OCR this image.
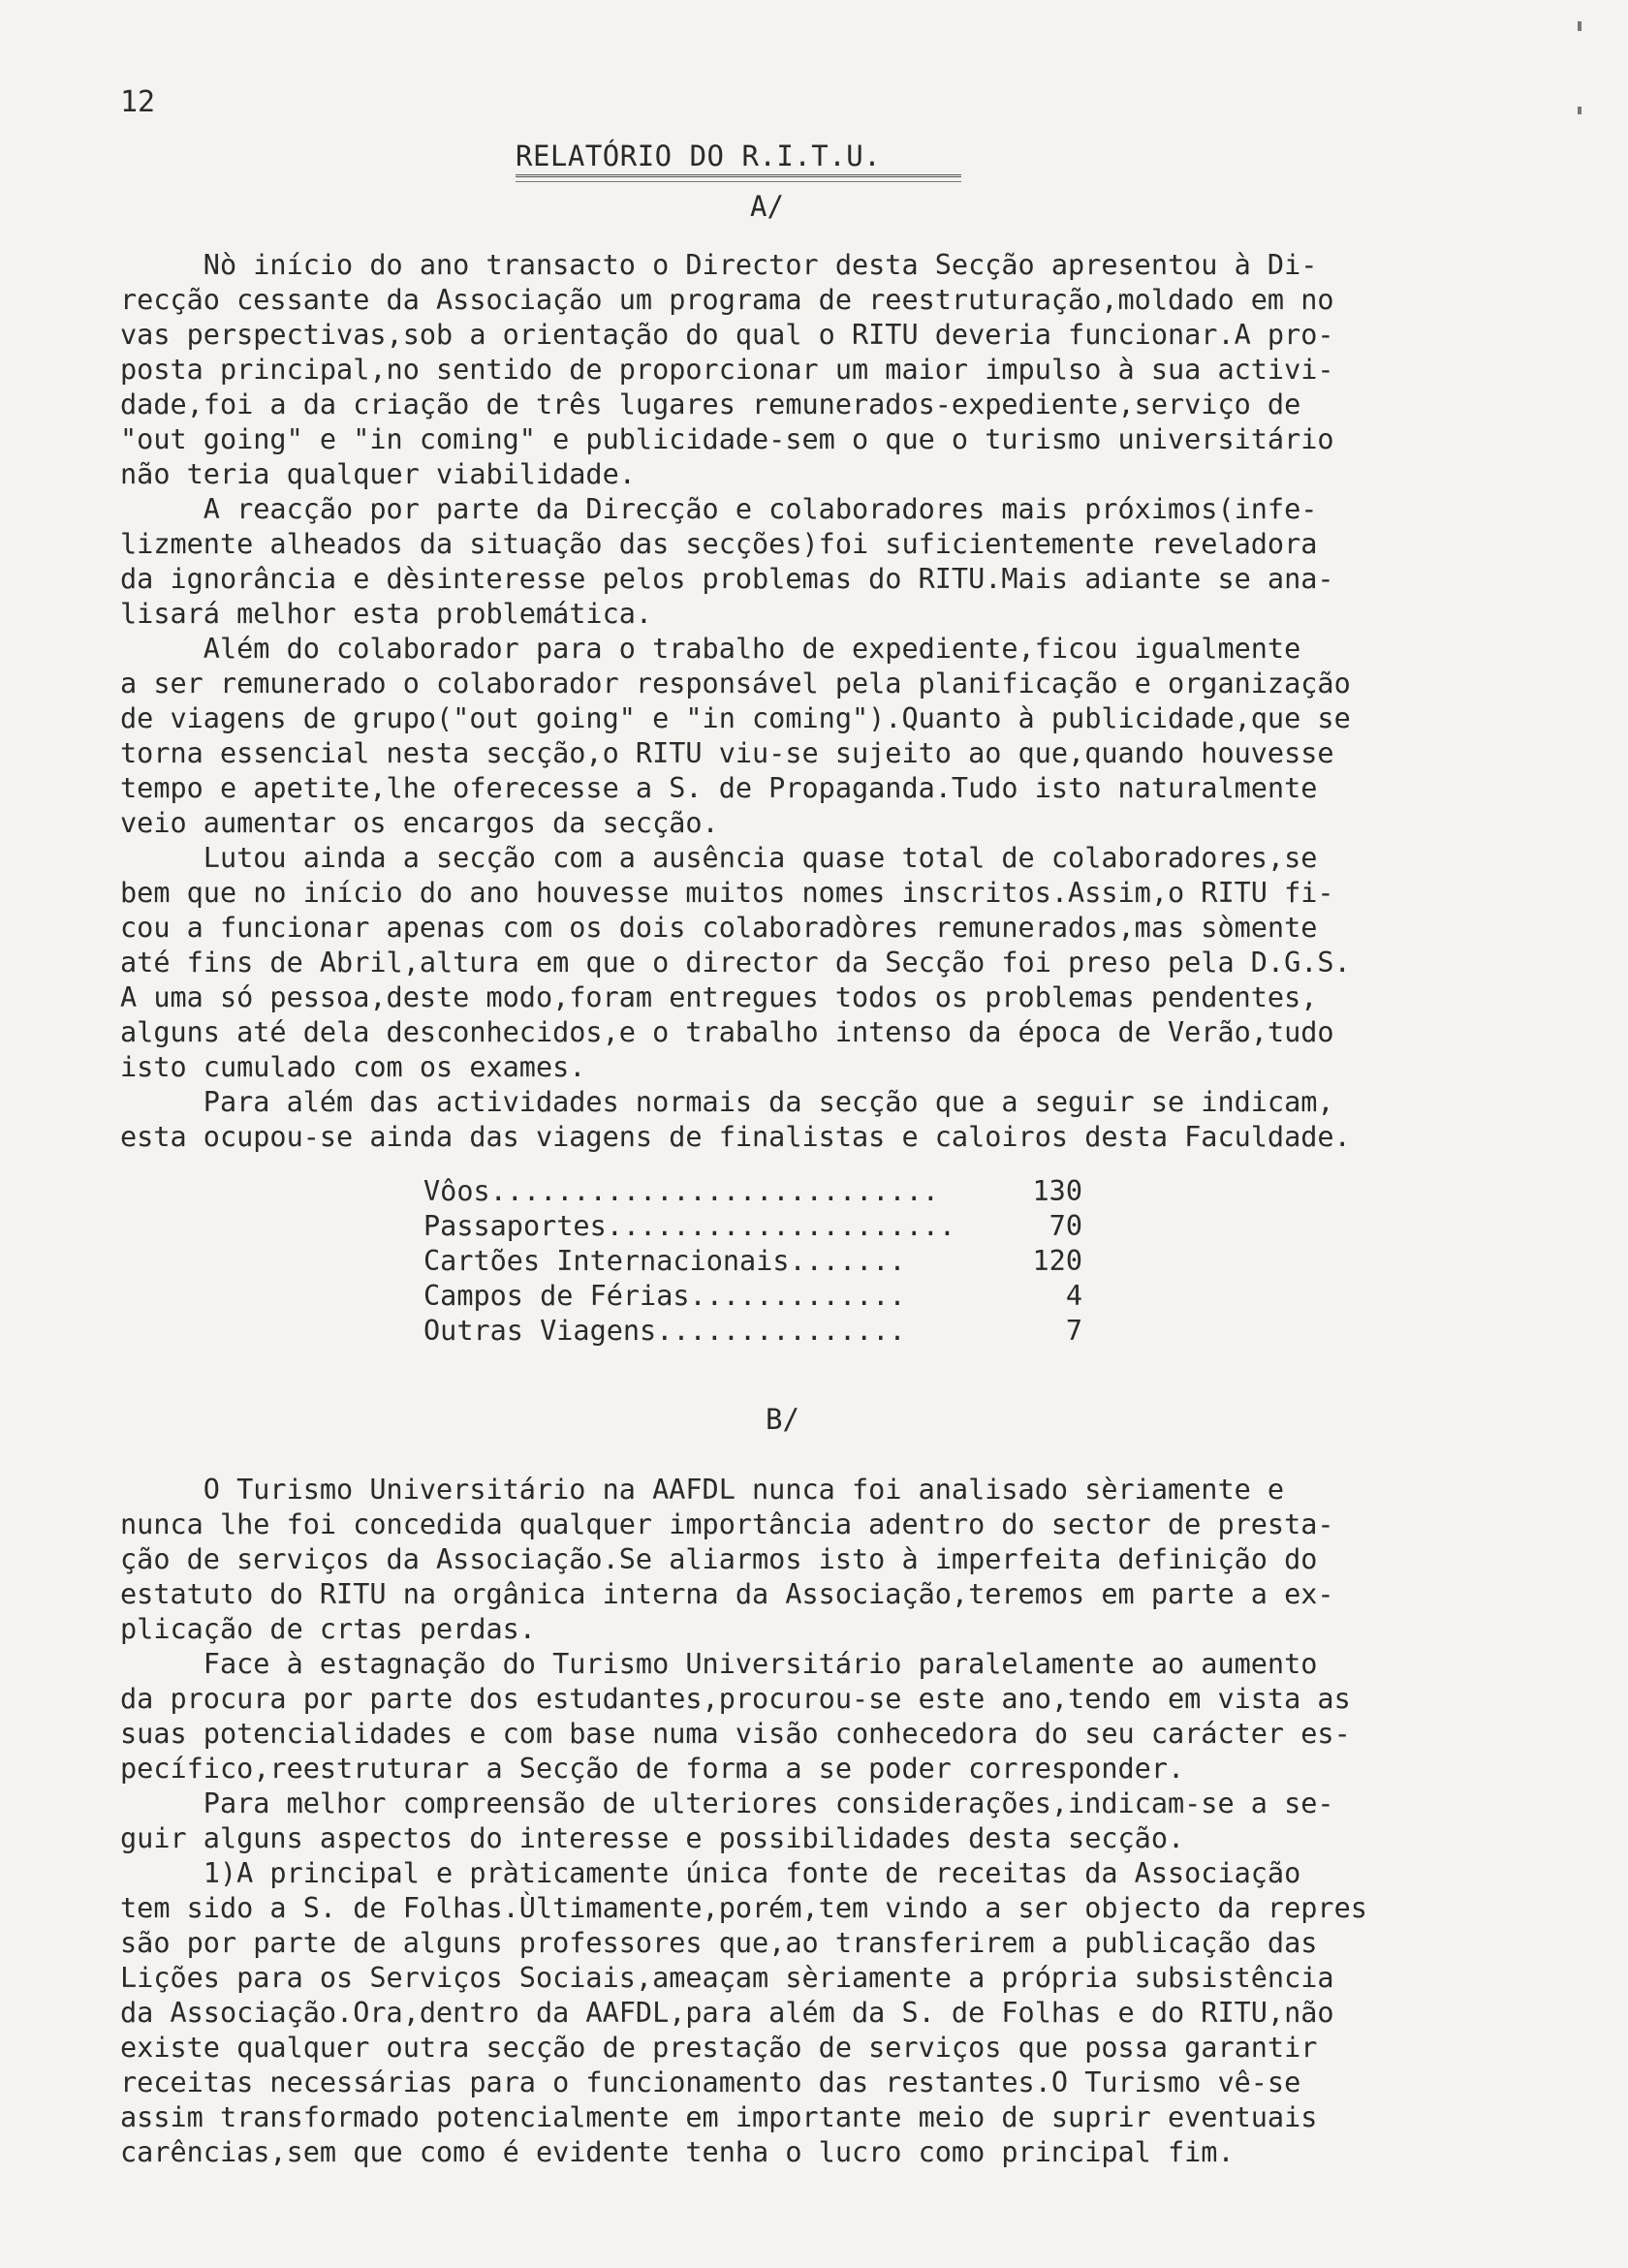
12
RELATÓRIO DO R.I.T.U.
A/
Nò início do ano transacto o Director desta Secção apresentou à Di-
recção cessante da Associação um programa de reestruturação,moldado em no
vas perspectivas,sob a orientação do qual o RITU deveria funcionar.A pro-
posta principal,no sentido de proporcionar um maior impulso à sua activi-
dade,foi a da criação de três lugares remunerados-expediente,serviço de
"out going" e "in coming" e publicidade-sem o que o turismo universitário
não teria qualquer viabilidade.
A reacção por parte da Direcção e colaboradores mais próximos(infe-
lizmente alheados da situação das secções)foi suficientemente reveladora
da ignorância e dèsinteresse pelos problemas do RITU.Mais adiante se ana-
lisará melhor esta problemática.
Além do colaborador para o trabalho de expediente,ficou igualmente
a ser remunerado o colaborador responsável pela planificação e organização
de viagens de grupo("out going" e "in coming").Quanto à publicidade,que se
torna essencial nesta secção,o RITU viu-se sujeito ao que,quando houvesse
tempo e apetite,lhe oferecesse a S. de Propaganda.Tudo isto naturalmente
veio aumentar os encargos da secção.
Lutou ainda a secção com a ausência quase total de colaboradores,se
bem que no início do ano houvesse muitos nomes inscritos.Assim,o RITU fi-
cou a funcionar apenas com os dois colaboradòres remunerados,mas sòmente
até fins de Abril,altura em que o director da Secção foi preso pela D.G.S.
A uma só pessoa,deste modo,foram entregues todos os problemas pendentes,
alguns até dela desconhecidos,e o trabalho intenso da época de Verão,tudo
isto cumulado com os exames.
Para além das actividades normais da secção que a seguir se indicam,
esta ocupou-se ainda das viagens de finalistas e caloiros desta Faculdade.
Vôos...........................	130
Passaportes.....................	70
Cartões Internacionais.......	120
Campos de Férias.............	4
Outras Viagens...............	7
B/
O Turismo Universitário na AAFDL nunca foi analisado sèriamente e
nunca lhe foi concedida qualquer importância adentro do sector de presta-
ção de serviços da Associação.Se aliarmos isto à imperfeita definição do
estatuto do RITU na orgânica interna da Associação,teremos em parte a ex-
plicação de crtas perdas.
Face à estagnação do Turismo Universitário paralelamente ao aumento
da procura por parte dos estudantes,procurou-se este ano,tendo em vista as
suas potencialidades e com base numa visão conhecedora do seu carácter es-
pecífico,reestruturar a Secção de forma a se poder corresponder.
Para melhor compreensão de ulteriores considerações,indicam-se a se-
guir alguns aspectos do interesse e possibilidades desta secção.
1)A principal e pràticamente única fonte de receitas da Associação
tem sido a S. de Folhas.Ùltimamente,porém,tem vindo a ser objecto da repres
são por parte de alguns professores que,ao transferirem a publicação das
Lições para os Serviços Sociais,ameaçam sèriamente a própria subsistência
da Associação.Ora,dentro da AAFDL,para além da S. de Folhas e do RITU,não
existe qualquer outra secção de prestação de serviços que possa garantir
receitas necessárias para o funcionamento das restantes.O Turismo vê-se
assim transformado potencialmente em importante meio de suprir eventuais
carências,sem que como é evidente tenha o lucro como principal fim.
